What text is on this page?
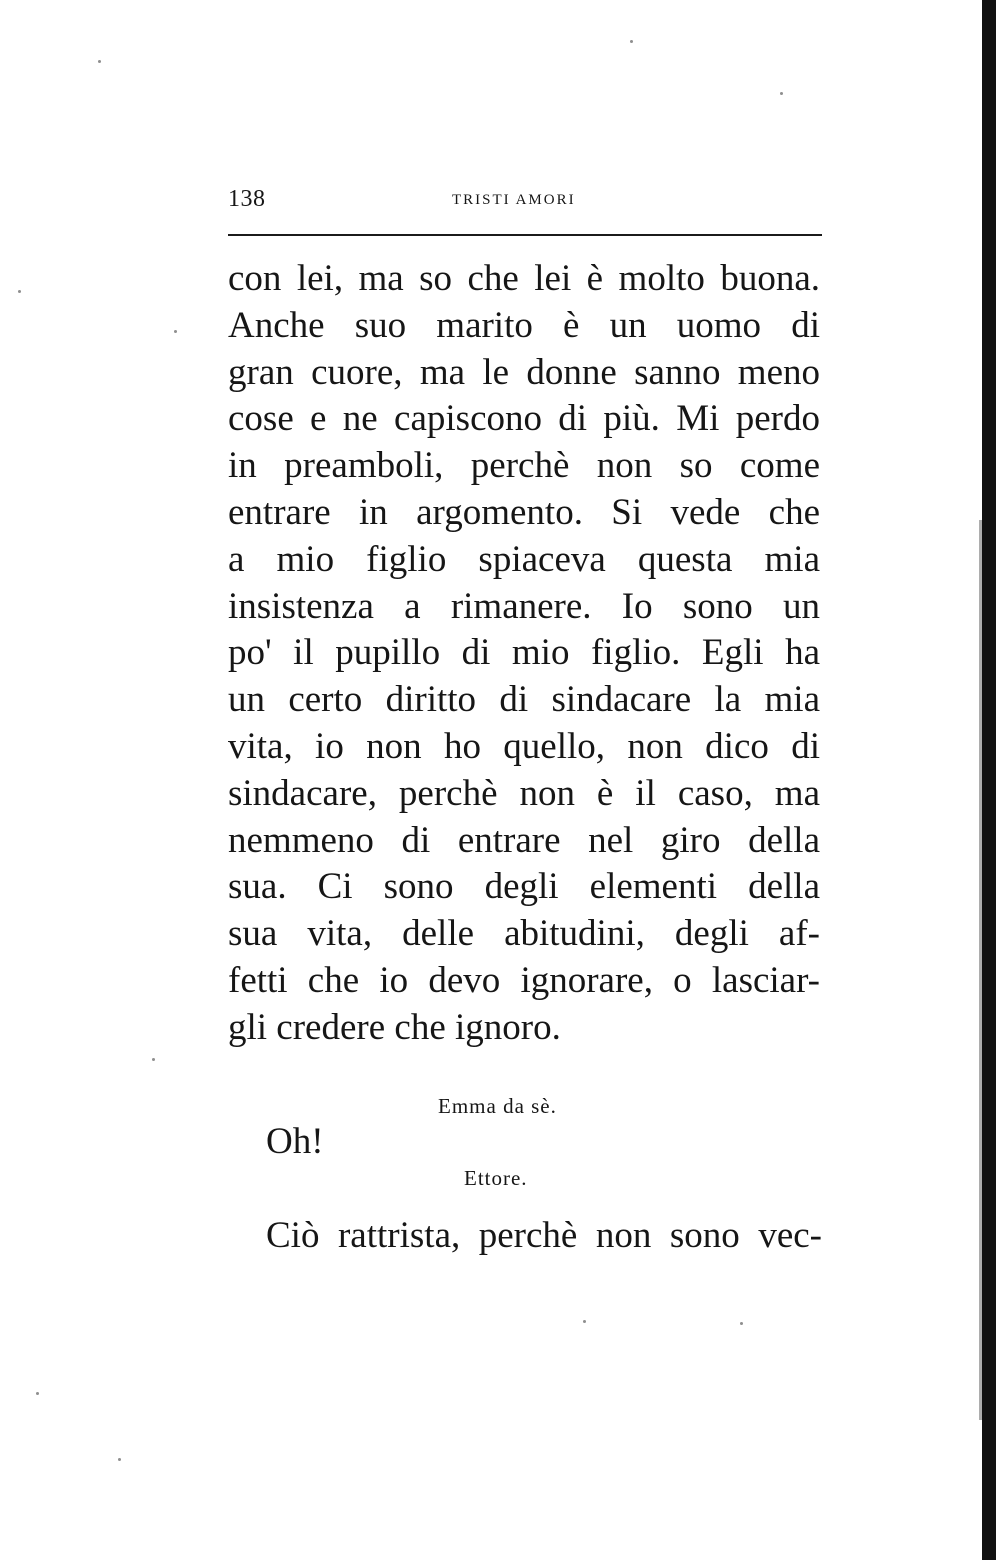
138	TRISTI AMORI
con lei, ma so che lei è molto buona.
Anche suo marito è un uomo di
gran cuore, ma le donne sanno meno
cose e ne capiscono di più. Mi perdo
in preamboli, perchè non so come
entrare in argomento. Si vede che
a mio figlio spiaceva questa mia
insistenza a rimanere. Io sono un
po' il pupillo di mio figlio. Egli ha
un certo diritto di sindacare la mia
vita, io non ho quello, non dico di
sindacare, perchè non è il caso, ma
nemmeno di entrare nel giro della
sua. Ci sono degli elementi della
sua vita, delle abitudini, degli af-
fetti che io devo ignorare, o lasciar-
gli credere che ignoro.
Emma da sè.
Oh!
Ettore.
Ciò rattrista, perchè non sono vec-
